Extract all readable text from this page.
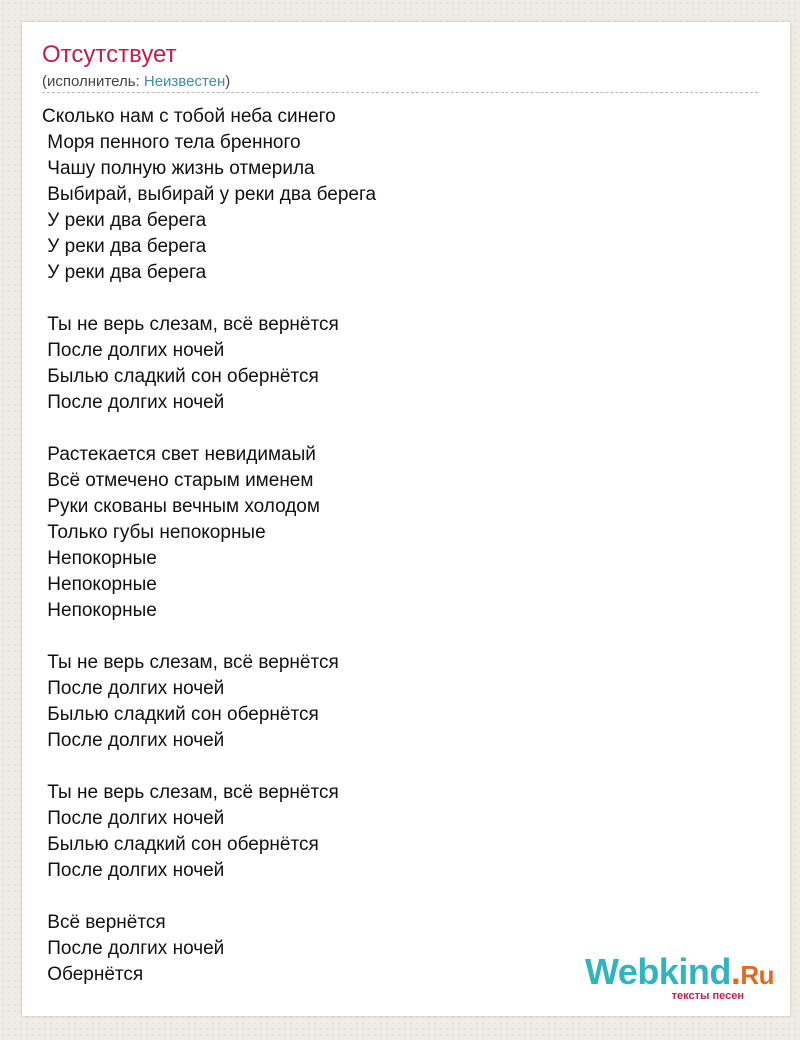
Отсутствует
(исполнитель: Неизвестен)
Сколько нам с тобой неба синего
Моря пенного тела бренного
Чашу полную жизнь отмерила
Выбирай, выбирай у реки два берега
У реки два берега
У реки два берега
У реки два берега
Ты не верь слезам, всё вернётся
После долгих ночей
Былью сладкий сон обернётся
После долгих ночей
Растекается свет невидимаый
Всё отмечено старым именем
Руки скованы вечным холодом
Только губы непокорные
Непокорные
Непокорные
Непокорные
Ты не верь слезам, всё вернётся
После долгих ночей
Былью сладкий сон обернётся
После долгих ночей
Ты не верь слезам, всё вернётся
После долгих ночей
Былью сладкий сон обернётся
После долгих ночей
Всё вернётся
После долгих ночей
Обернётся	Webkind.Ru
тексты песен
